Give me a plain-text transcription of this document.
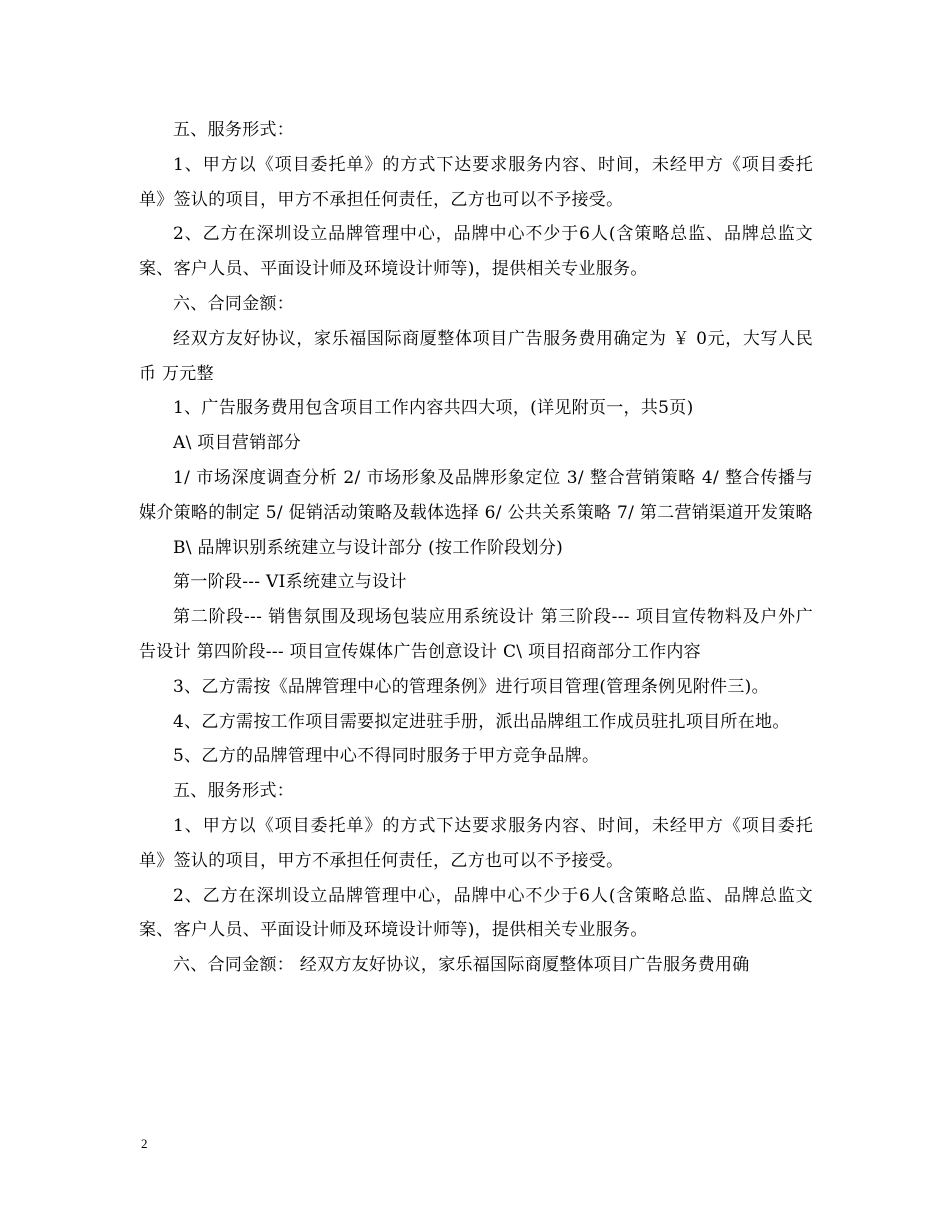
五、服务形式：

1、甲方以《项目委托单》的方式下达要求服务内容、时间，未经甲方《项目委托单》签认的项目，甲方不承担任何责任，乙方也可以不予接受。

2、乙方在深圳设立品牌管理中心，品牌中心不少于6人(含策略总监、品牌总监文案、客户人员、平面设计师及环境设计师等)，提供相关专业服务。

六、合同金额：

经双方友好协议，家乐福国际商厦整体项目广告服务费用确定为 ￥ 0元，大写人民币 万元整

1、广告服务费用包含项目工作内容共四大项，(详见附页一，共5页)

A\ 项目营销部分

1/ 市场深度调查分析 2/ 市场形象及品牌形象定位 3/ 整合营销策略 4/ 整合传播与媒介策略的制定 5/ 促销活动策略及载体选择 6/ 公共关系策略 7/ 第二营销渠道开发策略

B\ 品牌识别系统建立与设计部分 (按工作阶段划分)

第一阶段--- VI系统建立与设计

第二阶段--- 销售氛围及现场包装应用系统设计 第三阶段--- 项目宣传物料及户外广告设计 第四阶段--- 项目宣传媒体广告创意设计 C\ 项目招商部分工作内容

3、乙方需按《品牌管理中心的管理条例》进行项目管理(管理条例见附件三)。

4、乙方需按工作项目需要拟定进驻手册，派出品牌组工作成员驻扎项目所在地。

5、乙方的品牌管理中心不得同时服务于甲方竞争品牌。

五、服务形式：

1、甲方以《项目委托单》的方式下达要求服务内容、时间，未经甲方《项目委托单》签认的项目，甲方不承担任何责任，乙方也可以不予接受。

2、乙方在深圳设立品牌管理中心，品牌中心不少于6人(含策略总监、品牌总监文案、客户人员、平面设计师及环境设计师等)，提供相关专业服务。

六、合同金额： 经双方友好协议，家乐福国际商厦整体项目广告服务费用确

2
